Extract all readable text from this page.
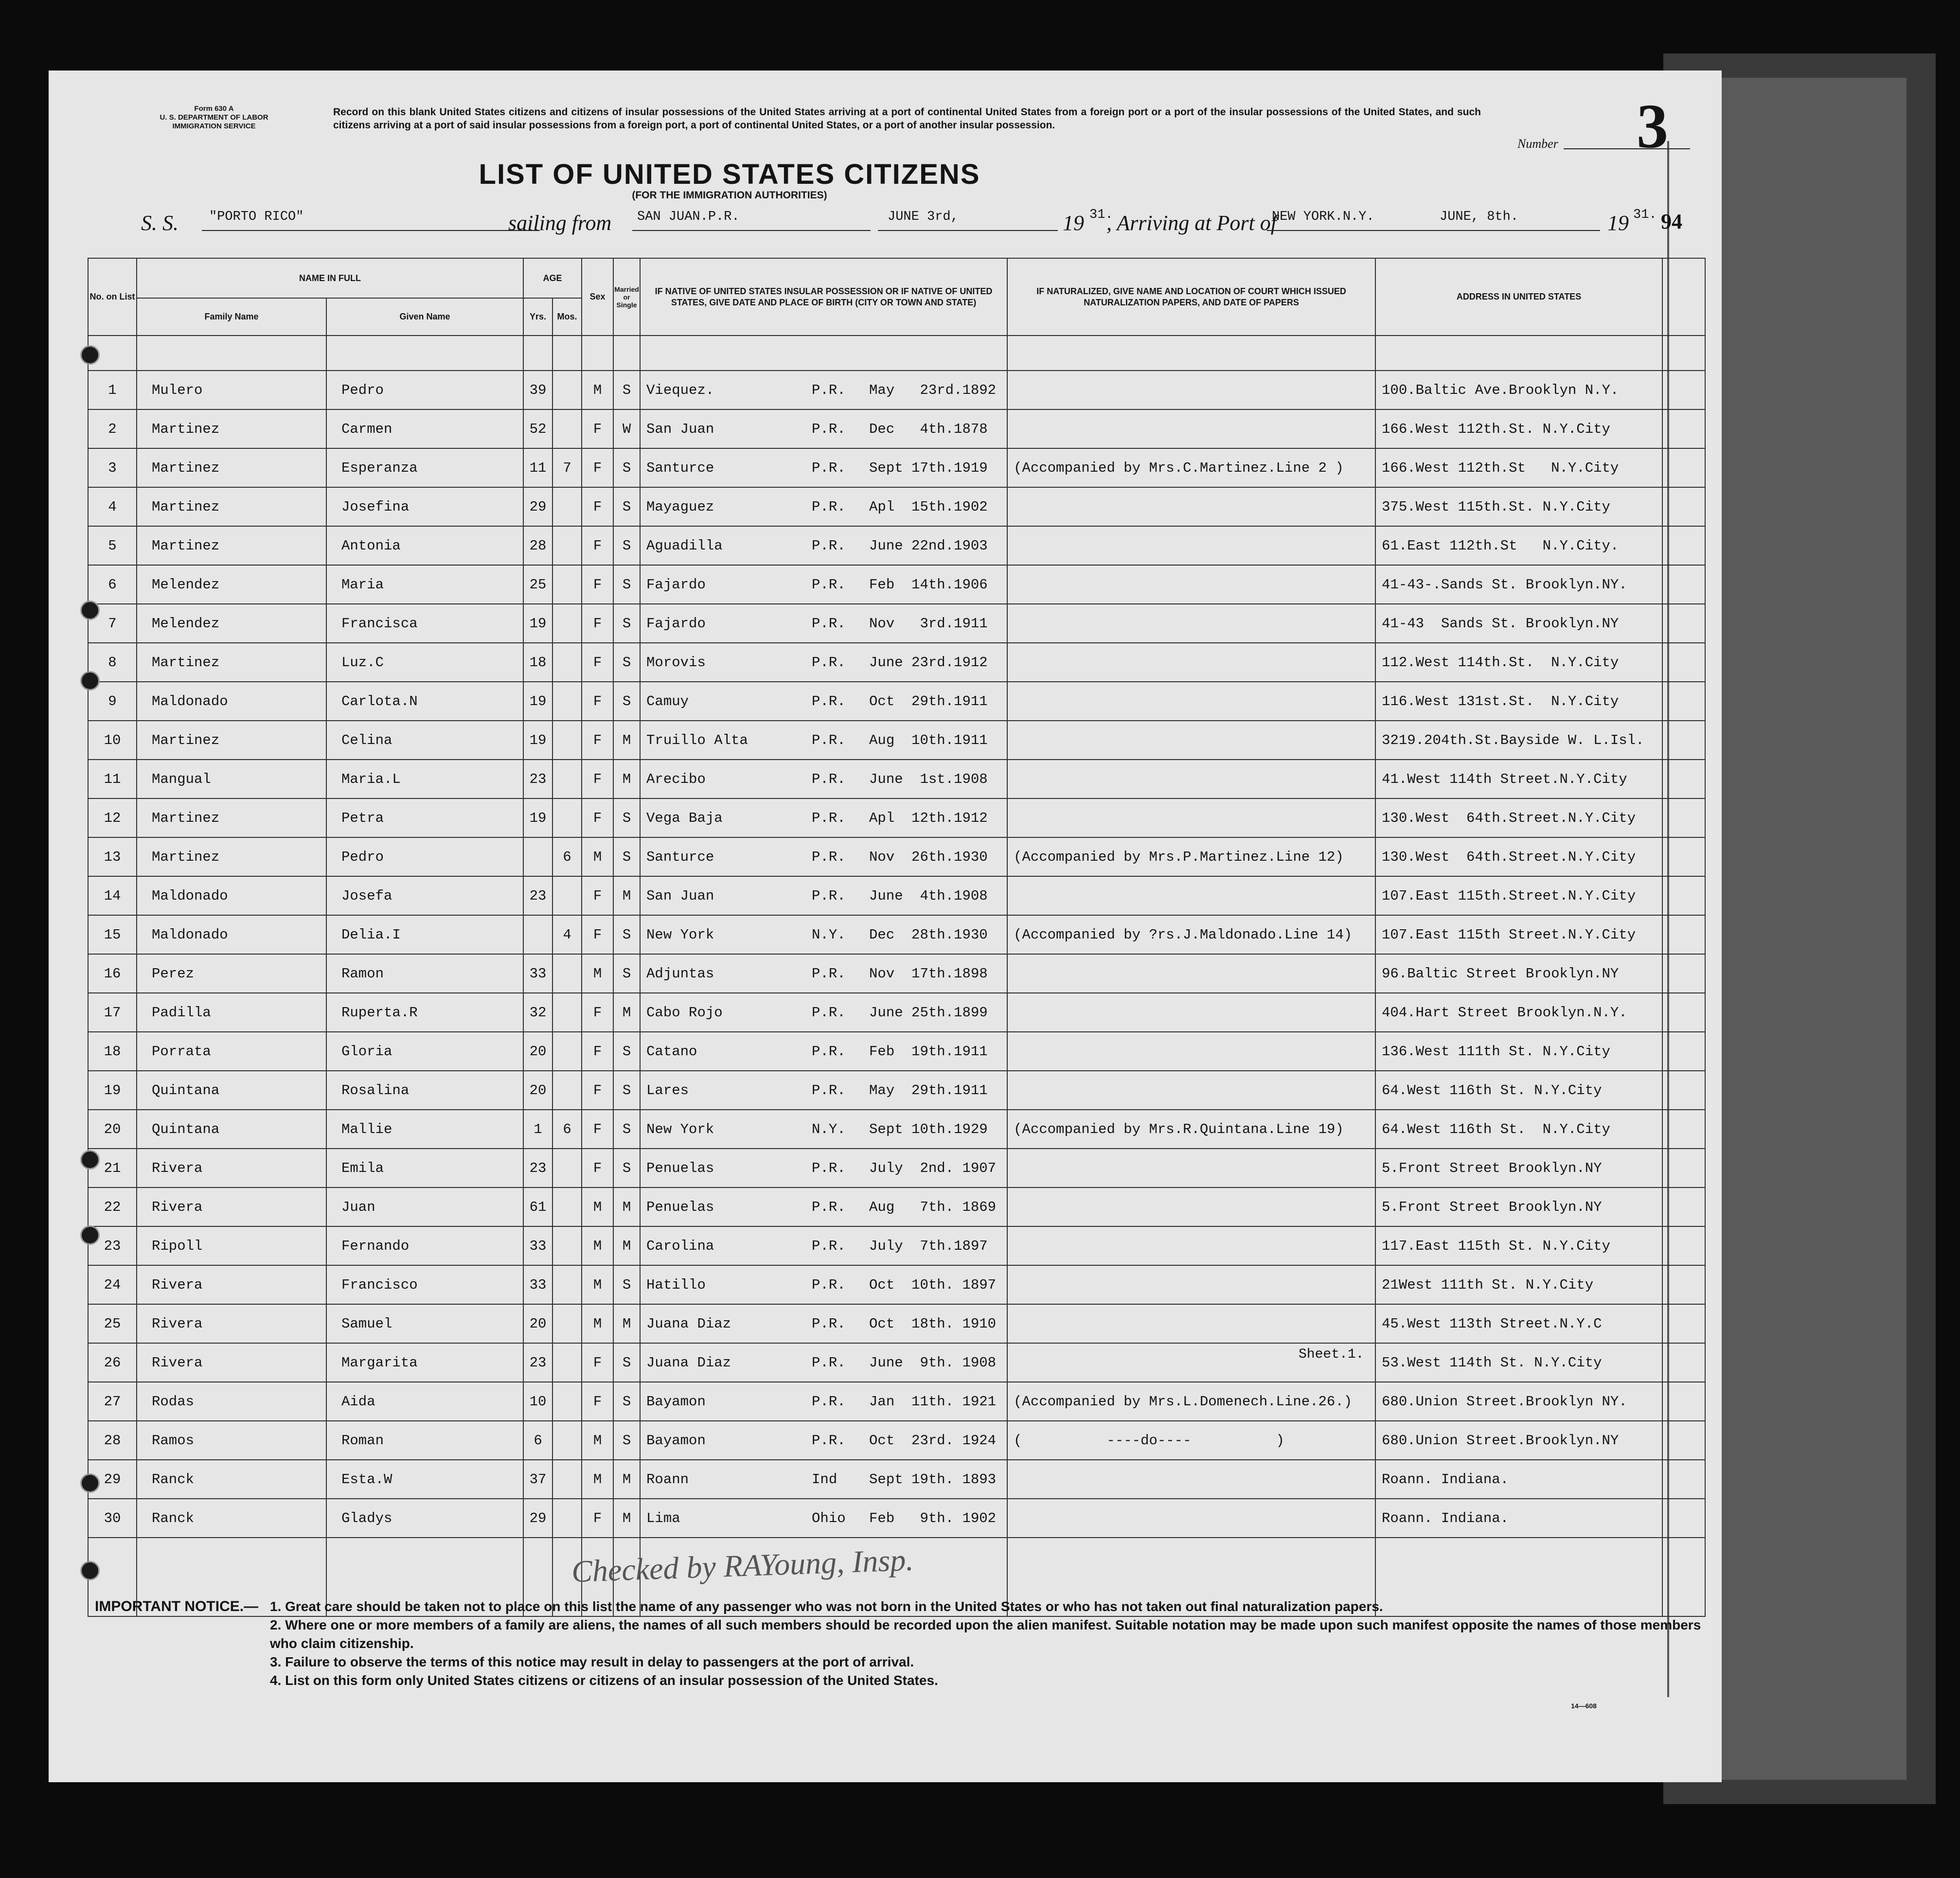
Form 630 A
U. S. DEPARTMENT OF LABOR
IMMIGRATION SERVICE
Record on this blank United States citizens and citizens of insular possessions of the United States arriving at a port of continental United States from a foreign port or a port of the insular possessions of the United States, and such citizens arriving at a port of said insular possessions from a foreign port, a port of continental United States, or a port of another insular possession.
Number 3
LIST OF UNITED STATES CITIZENS
(FOR THE IMMIGRATION AUTHORITIES)
S. S. "PORTO RICO"	sailing from SAN JUAN.P.R.	JUNE 3rd,	19 31.
, Arriving at Port of
NEW YORK.N.Y.	JUNE, 8th.	19 31. 94
No. on List	NAME IN FULL		AGE		Sex	Married or Single	IF NATIVE OF UNITED STATES INSULAR POSSESSION OR IF NATIVE OF UNITED STATES, GIVE DATE AND PLACE OF BIRTH (CITY OR TOWN AND STATE)	IF NATURALIZED, GIVE NAME AND LOCATION OF COURT WHICH ISSUED NATURALIZATION PAPERS, AND DATE OF PAPERS	ADDRESS IN UNITED STATES	
	Family Name	Given Name	Yrs.	Mos.						

1	Mulero	Pedro	39		M	S	Viequez. P.R. May   23rd.1892		100.Baltic Ave.Brooklyn N.Y.	
2	Martinez	Carmen	52		F	W	San Juan P.R. Dec   4th.1878		166.West 112th.St. N.Y.City	
3	Martinez	Esperanza	11	7	F	S	Santurce P.R. Sept 17th.1919	(Accompanied by Mrs.C.Martinez.Line 2 )	166.West 112th.St   N.Y.City	
4	Martinez	Josefina	29		F	S	Mayaguez P.R. Apl  15th.1902		375.West 115th.St. N.Y.City	
5	Martinez	Antonia	28		F	S	Aguadilla P.R. June 22nd.1903		61.East 112th.St   N.Y.City.	
6	Melendez	Maria	25		F	S	Fajardo P.R. Feb  14th.1906		41-43-.Sands St. Brooklyn.NY.	
7	Melendez	Francisca	19		F	S	Fajardo P.R. Nov   3rd.1911		41-43  Sands St. Brooklyn.NY	
8	Martinez	Luz.C	18		F	S	Morovis P.R. June 23rd.1912		112.West 114th.St.  N.Y.City	
9	Maldonado	Carlota.N	19		F	S	Camuy P.R. Oct  29th.1911		116.West 131st.St.  N.Y.City	
10	Martinez	Celina	19		F	M	Truillo Alta P.R. Aug  10th.1911		3219.204th.St.Bayside W. L.Isl.	
11	Mangual	Maria.L	23		F	M	Arecibo P.R. June  1st.1908		41.West 114th Street.N.Y.City	
12	Martinez	Petra	19		F	S	Vega Baja P.R. Apl  12th.1912		130.West  64th.Street.N.Y.City	
13	Martinez	Pedro		6	M	S	Santurce P.R. Nov  26th.1930	(Accompanied by Mrs.P.Martinez.Line 12)	130.West  64th.Street.N.Y.City	
14	Maldonado	Josefa	23		F	M	San Juan P.R. June  4th.1908		107.East 115th.Street.N.Y.City	
15	Maldonado	Delia.I		4	F	S	New York N.Y. Dec  28th.1930	(Accompanied by ?rs.J.Maldonado.Line 14)	107.East 115th Street.N.Y.City	
16	Perez	Ramon	33		M	S	Adjuntas P.R. Nov  17th.1898		96.Baltic Street Brooklyn.NY	
17	Padilla	Ruperta.R	32		F	M	Cabo Rojo P.R. June 25th.1899		404.Hart Street Brooklyn.N.Y.	
18	Porrata	Gloria	20		F	S	Catano P.R. Feb  19th.1911		136.West 111th St. N.Y.City	
19	Quintana	Rosalina	20		F	S	Lares P.R. May  29th.1911		64.West 116th St. N.Y.City	
20	Quintana	Mallie	1	6	F	S	New York N.Y. Sept 10th.1929	(Accompanied by Mrs.R.Quintana.Line 19)	64.West 116th St.  N.Y.City	
21	Rivera	Emila	23		F	S	Penuelas P.R. July  2nd. 1907		5.Front Street Brooklyn.NY	
22	Rivera	Juan	61		M	M	Penuelas P.R. Aug   7th. 1869		5.Front Street Brooklyn.NY	
23	Ripoll	Fernando	33		M	M	Carolina P.R. July  7th.1897		117.East 115th St. N.Y.City	
24	Rivera	Francisco	33		M	S	Hatillo P.R. Oct  10th. 1897		21West 111th St. N.Y.City	
25	Rivera	Samuel	20		M	M	Juana Diaz P.R. Oct  18th. 1910		45.West 113th Street.N.Y.C	
26	Rivera	Margarita	23		F	S	Juana Diaz P.R. June  9th. 1908		53.West 114th St. N.Y.City	
27	Rodas	Aida	10		F	S	Bayamon P.R. Jan  11th. 1921	(Accompanied by Mrs.L.Domenech.Line.26.)	680.Union Street.Brooklyn NY.	
28	Ramos	Roman	6		M	S	Bayamon P.R. Oct  23rd. 1924	(          ----do----          )	680.Union Street.Brooklyn.NY	
29	Ranck	Esta.W	37		M	M	Roann Ind Sept 19th. 1893		Roann. Indiana.	
30	Ranck	Gladys	29		F	M	Lima Ohio Feb   9th. 1902		Roann. Indiana.	

Sheet.1.
Checked by RAYoung, Insp.
IMPORTANT NOTICE.— 1. Great care should be taken not to place on this list the name of any passenger who was not born in the United States or who has not taken out final naturalization papers.
2. Where one or more members of a family are aliens, the names of all such members should be recorded upon the alien manifest. Suitable notation may be made upon such manifest opposite the names of those members who claim citizenship.
3. Failure to observe the terms of this notice may result in delay to passengers at the port of arrival.
4. List on this form only United States citizens or citizens of an insular possession of the United States.
14—608
